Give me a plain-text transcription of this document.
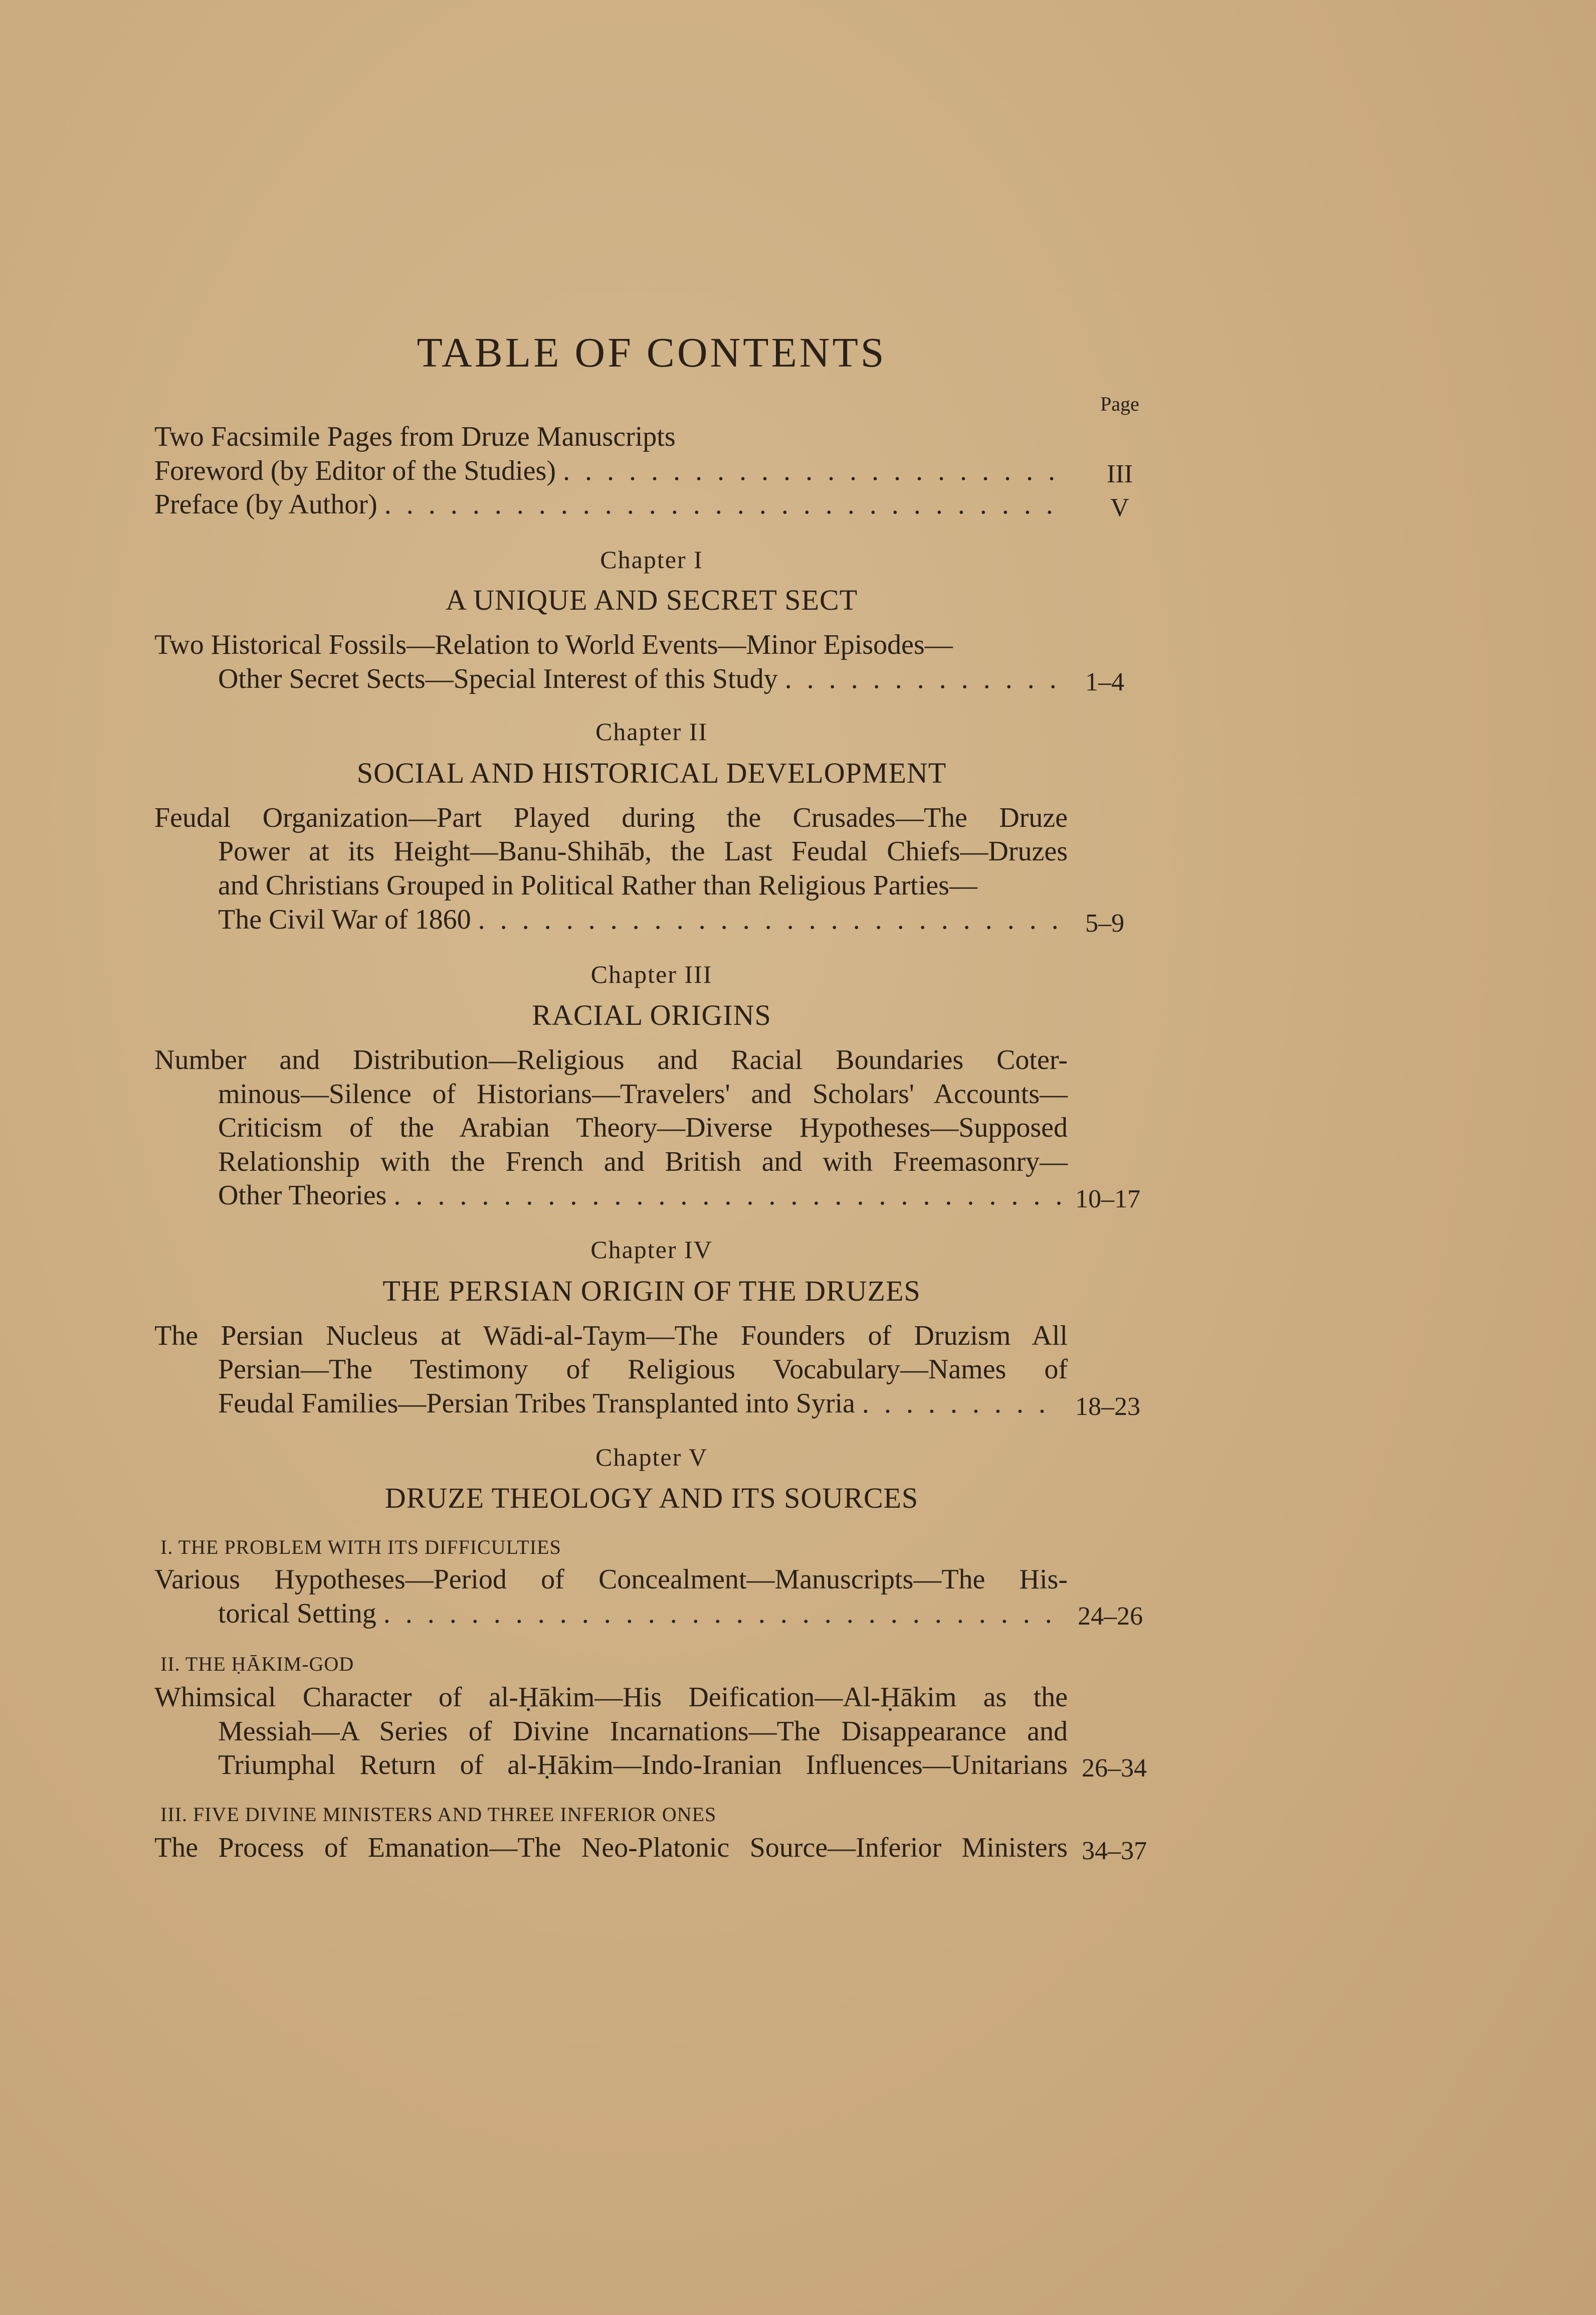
TABLE OF CONTENTS
Page
Two Facsimile Pages from Druze Manuscripts
Foreword (by Editor of the Studies) . . .	III
Preface (by Author) . . .	V
Chapter I
A UNIQUE AND SECRET SECT
Two Historical Fossils—Relation to World Events—Minor Episodes—
Other Secret Sects—Special Interest of this Study . . .	1–4
Chapter II
SOCIAL AND HISTORICAL DEVELOPMENT
Feudal Organization—Part Played during the Crusades—The Druze
Power at its Height—Banu-Shihāb, the Last Feudal Chiefs—Druzes
and Christians Grouped in Political Rather than Religious Parties—
The Civil War of 1860 . . .	5–9
Chapter III
RACIAL ORIGINS
Number and Distribution—Religious and Racial Boundaries Coter-
minous—Silence of Historians—Travelers' and Scholars' Accounts—
Criticism of the Arabian Theory—Diverse Hypotheses—Supposed
Relationship with the French and British and with Freemasonry—
Other Theories . . .	10–17
Chapter IV
THE PERSIAN ORIGIN OF THE DRUZES
The Persian Nucleus at Wādi-al-Taym—The Founders of Druzism All
Persian—The Testimony of Religious Vocabulary—Names of
Feudal Families—Persian Tribes Transplanted into Syria . . .	18–23
Chapter V
DRUZE THEOLOGY AND ITS SOURCES
I. THE PROBLEM WITH ITS DIFFICULTIES
Various Hypotheses—Period of Concealment—Manuscripts—The His-
torical Setting . . .	24–26
II. THE ḤĀKIM-GOD
Whimsical Character of al-Ḥākim—His Deification—Al-Ḥākim as the
Messiah—A Series of Divine Incarnations—The Disappearance and
Triumphal Return of al-Ḥākim—Indo-Iranian Influences—Unitarians 26–34
III. FIVE DIVINE MINISTERS AND THREE INFERIOR ONES
The Process of Emanation—The Neo-Platonic Source—Inferior Ministers 34–37
